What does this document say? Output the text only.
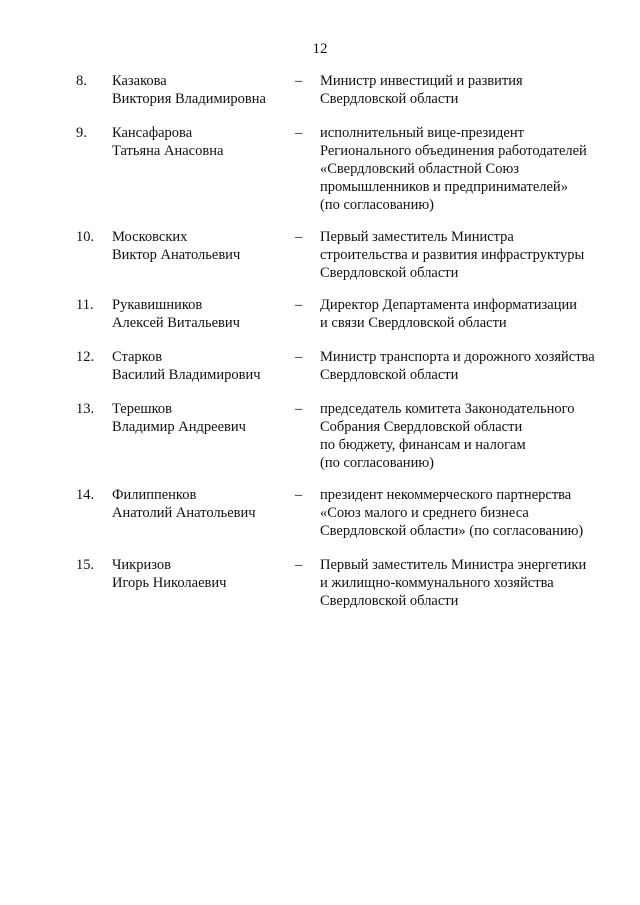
12
8. Казакова
Виктория Владимировна
– Министр инвестиций и развития
Свердловской области
9. Кансафарова
Татьяна Анасовна
– исполнительный вице-президент
Регионального объединения работодателей
«Свердловский областной Союз
промышленников и предпринимателей»
(по согласованию)
10. Московских
Виктор Анатольевич
– Первый заместитель Министра
строительства и развития инфраструктуры
Свердловской области
11. Рукавишников
Алексей Витальевич
– Директор Департамента информатизации
и связи Свердловской области
12. Старков
Василий Владимирович
– Министр транспорта и дорожного хозяйства
Свердловской области
13. Терешков
Владимир Андреевич
– председатель комитета Законодательного
Собрания Свердловской области
по бюджету, финансам и налогам
(по согласованию)
14. Филиппенков
Анатолий Анатольевич
– президент некоммерческого партнерства
«Союз малого и среднего бизнеса
Свердловской области» (по согласованию)
15. Чикризов
Игорь Николаевич
– Первый заместитель Министра энергетики
и жилищно-коммунального хозяйства
Свердловской области
